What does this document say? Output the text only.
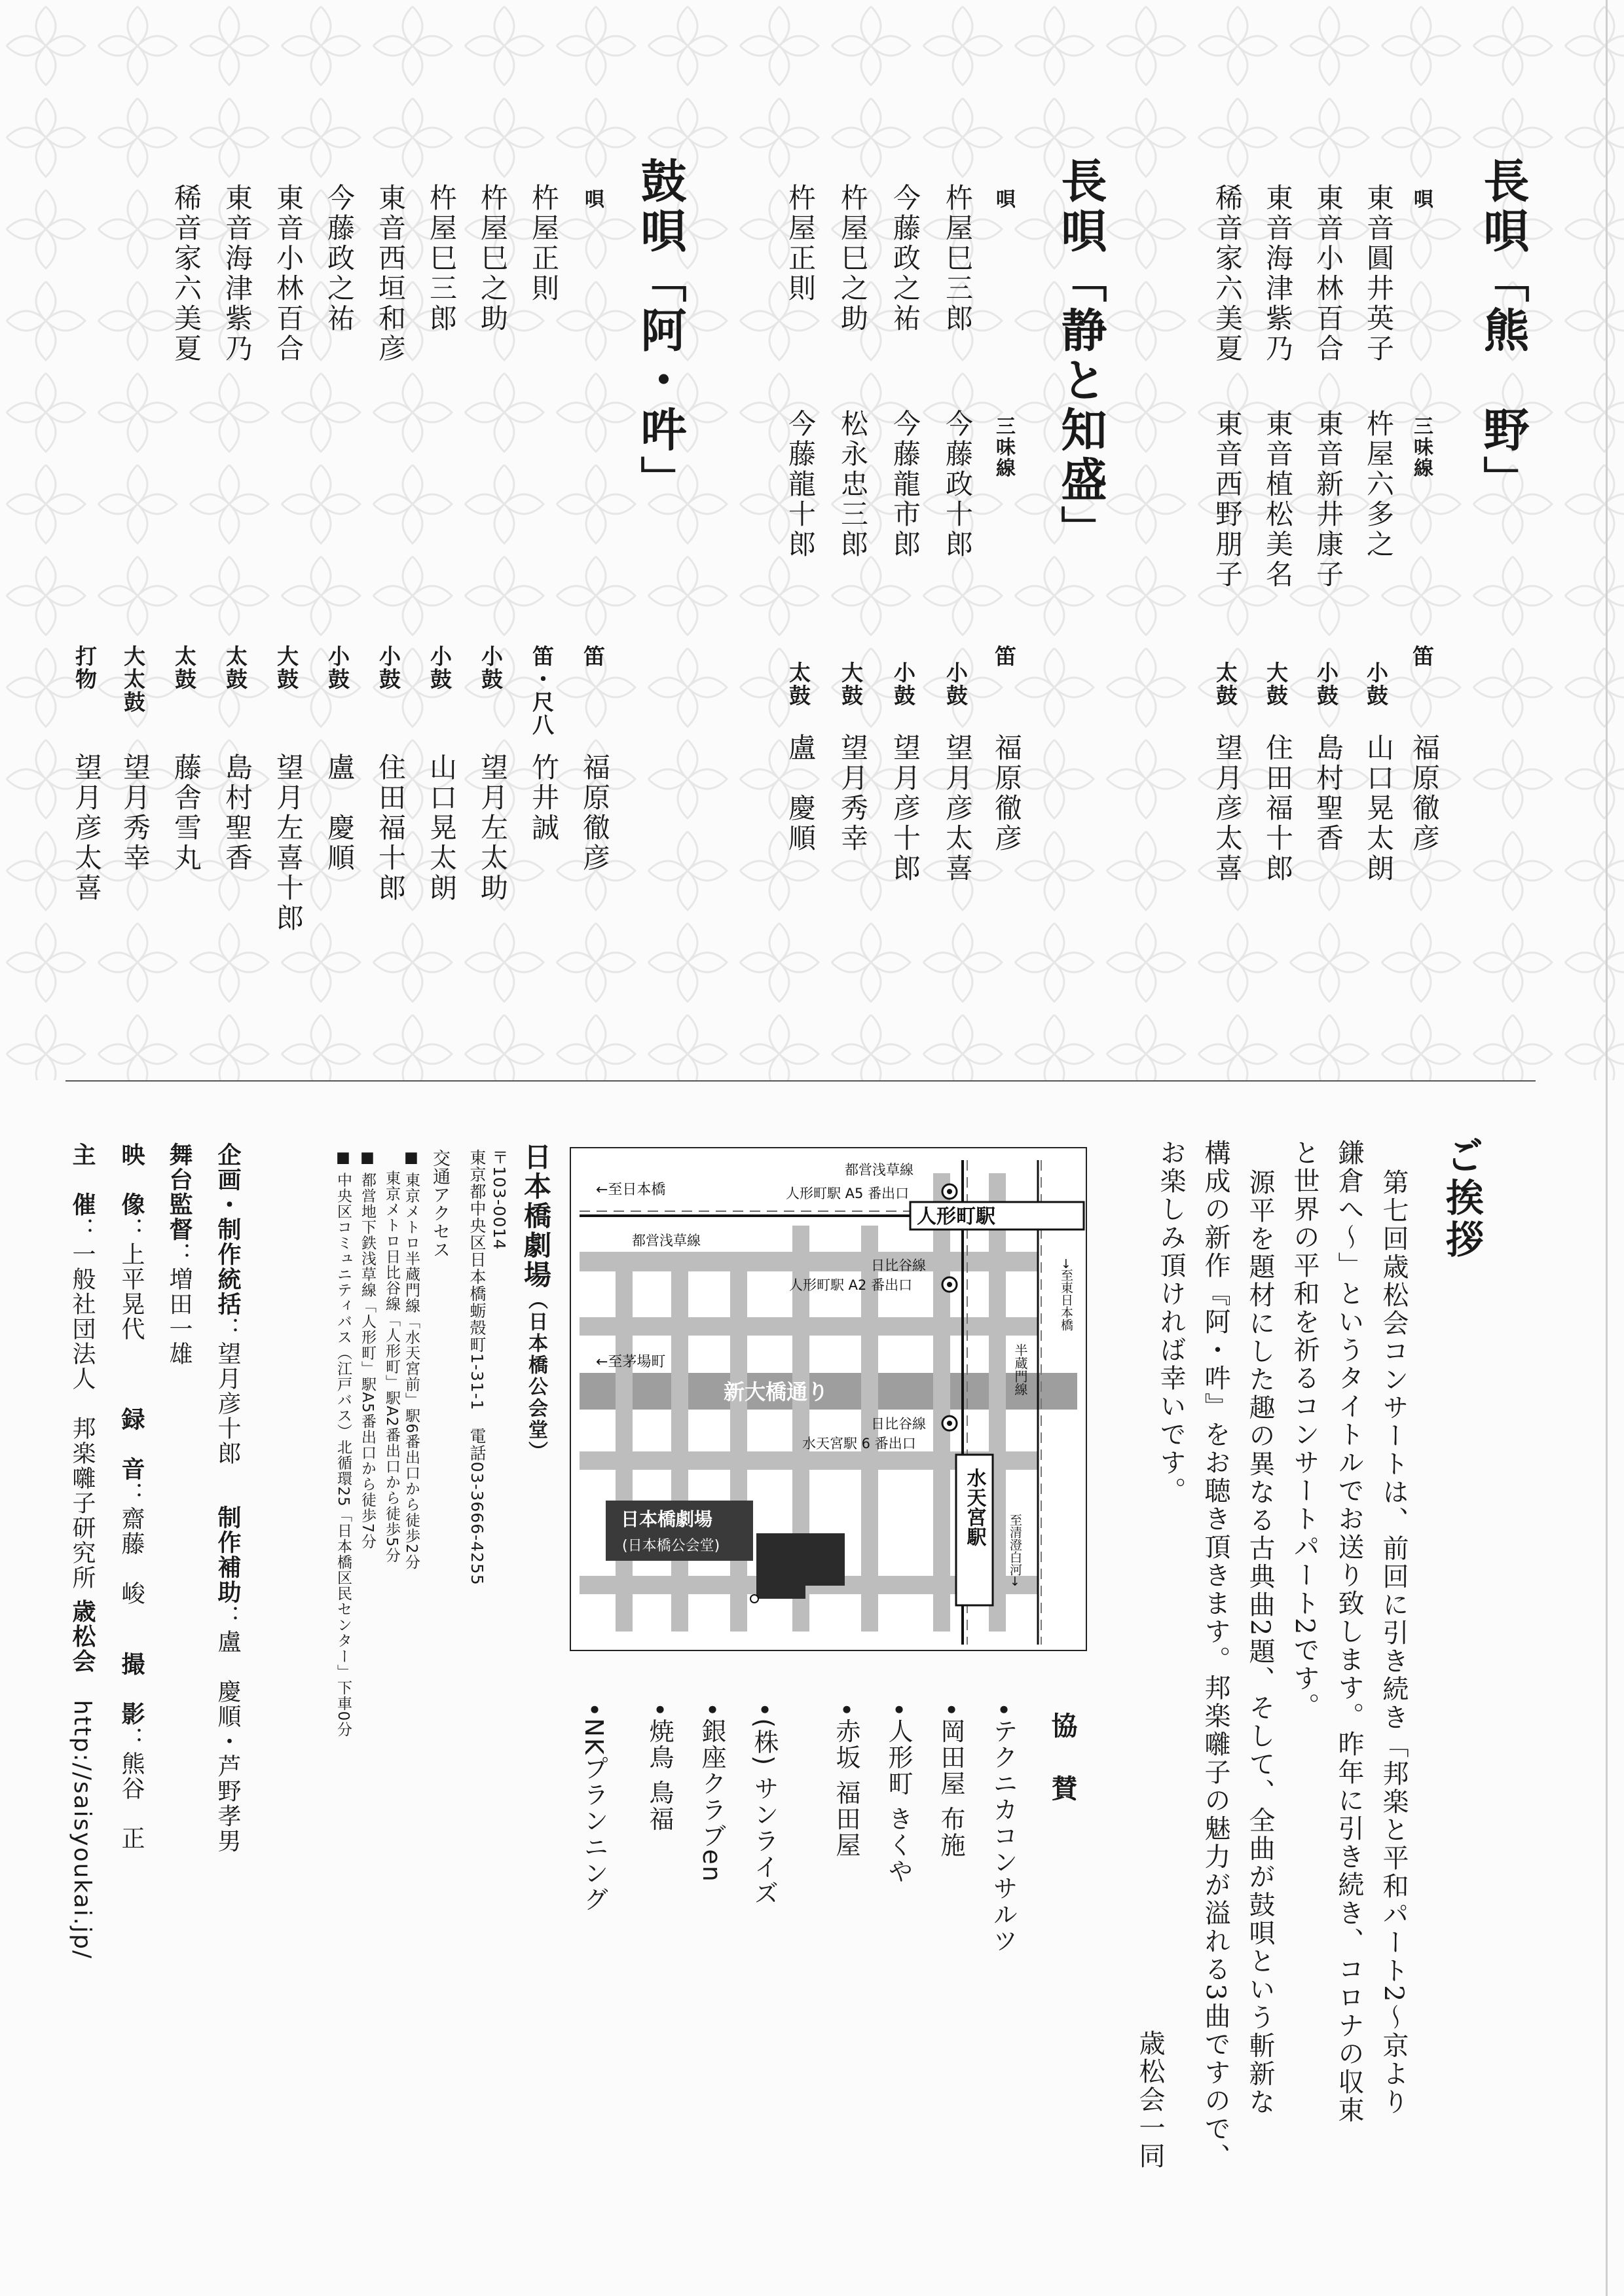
長唄「熊　野」
唄
東音圓井英子
東音小林百合
東音海津紫乃
稀音家六美夏
三味線
杵屋六多之
東音新井康子
東音植松美名
東音西野朋子
笛
福原徹彦
小鼓
山口晃太朗
小鼓
島村聖香
大鼓
住田福十郎
太鼓
望月彦太喜
長唄「静と知盛」
唄
杵屋巳三郎
今藤政之祐
杵屋巳之助
杵屋正則
三味線
今藤政十郎
今藤龍市郎
松永忠三郎
今藤龍十郎
笛
福原徹彦
小鼓
望月彦太喜
小鼓
望月彦十郎
大鼓
望月秀幸
太鼓
盧　慶順
鼓唄「阿・吽」
唄
杵屋正則
杵屋巳之助
杵屋巳三郎
東音西垣和彦
今藤政之祐
東音小林百合
東音海津紫乃
稀音家六美夏
笛
福原徹彦
笛・尺八
竹井誠
小鼓
望月左太助
小鼓
山口晃太朗
小鼓
住田福十郎
小鼓
盧　慶順
大鼓
望月左喜十郎
太鼓
島村聖香
太鼓
藤舎雪丸
大太鼓
望月秀幸
打物
望月彦太喜
ご挨拶
第七回歳松会コンサートは、前回に引き続き「邦楽と平和パート2〜京より
鎌倉へ〜」というタイトルでお送り致します。昨年に引き続き、コロナの収束
と世界の平和を祈るコンサートパート2です。
源平を題材にした趣の異なる古典曲2題、そして、全曲が鼓唄という斬新な
構成の新作『阿・吽』をお聴き頂きます。邦楽囃子の魅力が溢れる3曲ですので、
お楽しみ頂ければ幸いです。
歳松会一同
協　賛
•テクニカコンサルツ
•岡田屋 布施
•人形町 きくや
•赤坂 福田屋
•(株) サンライズ
•銀座クラブen
•焼鳥 鳥福
•NKプランニング
←至日本橋
都営浅草線
人形町駅 A5 番出口
人形町駅
都営浅草線
日比谷線
人形町駅 A2 番出口	→至東日本橋
半蔵門線
←至茅場町
新大橋通り
日比谷線
水天宮駅 6 番出口
水天宮駅
至清澄白河→
日本橋劇場
(日本橋公会堂)
日本橋劇場（日本橋公会堂）
〒103-0014
東京都中央区日本橋蛎殻町1-31-1　電話03-3666-4255
交通アクセス
■ 東京メトロ半蔵門線「水天宮前」駅6番出口から徒歩2分
　 東京メトロ日比谷線「人形町」駅A2番出口から徒歩5分
■ 都営地下鉄浅草線「人形町」駅A5番出口から徒歩7分
■ 中央区コミュニティバス（江戸バス）北循環25「日本橋区民センター」下車0分
企画・制作統括：望月彦十郎制作補助：盧　慶順・芦野孝男
舞台監督：増田一雄
映　像：上平晃代録　音：齋藤　峻撮　影：熊谷　正
主　催：一般社団法人　邦楽囃子研究所 歳松会http://saisyoukai.jp/
